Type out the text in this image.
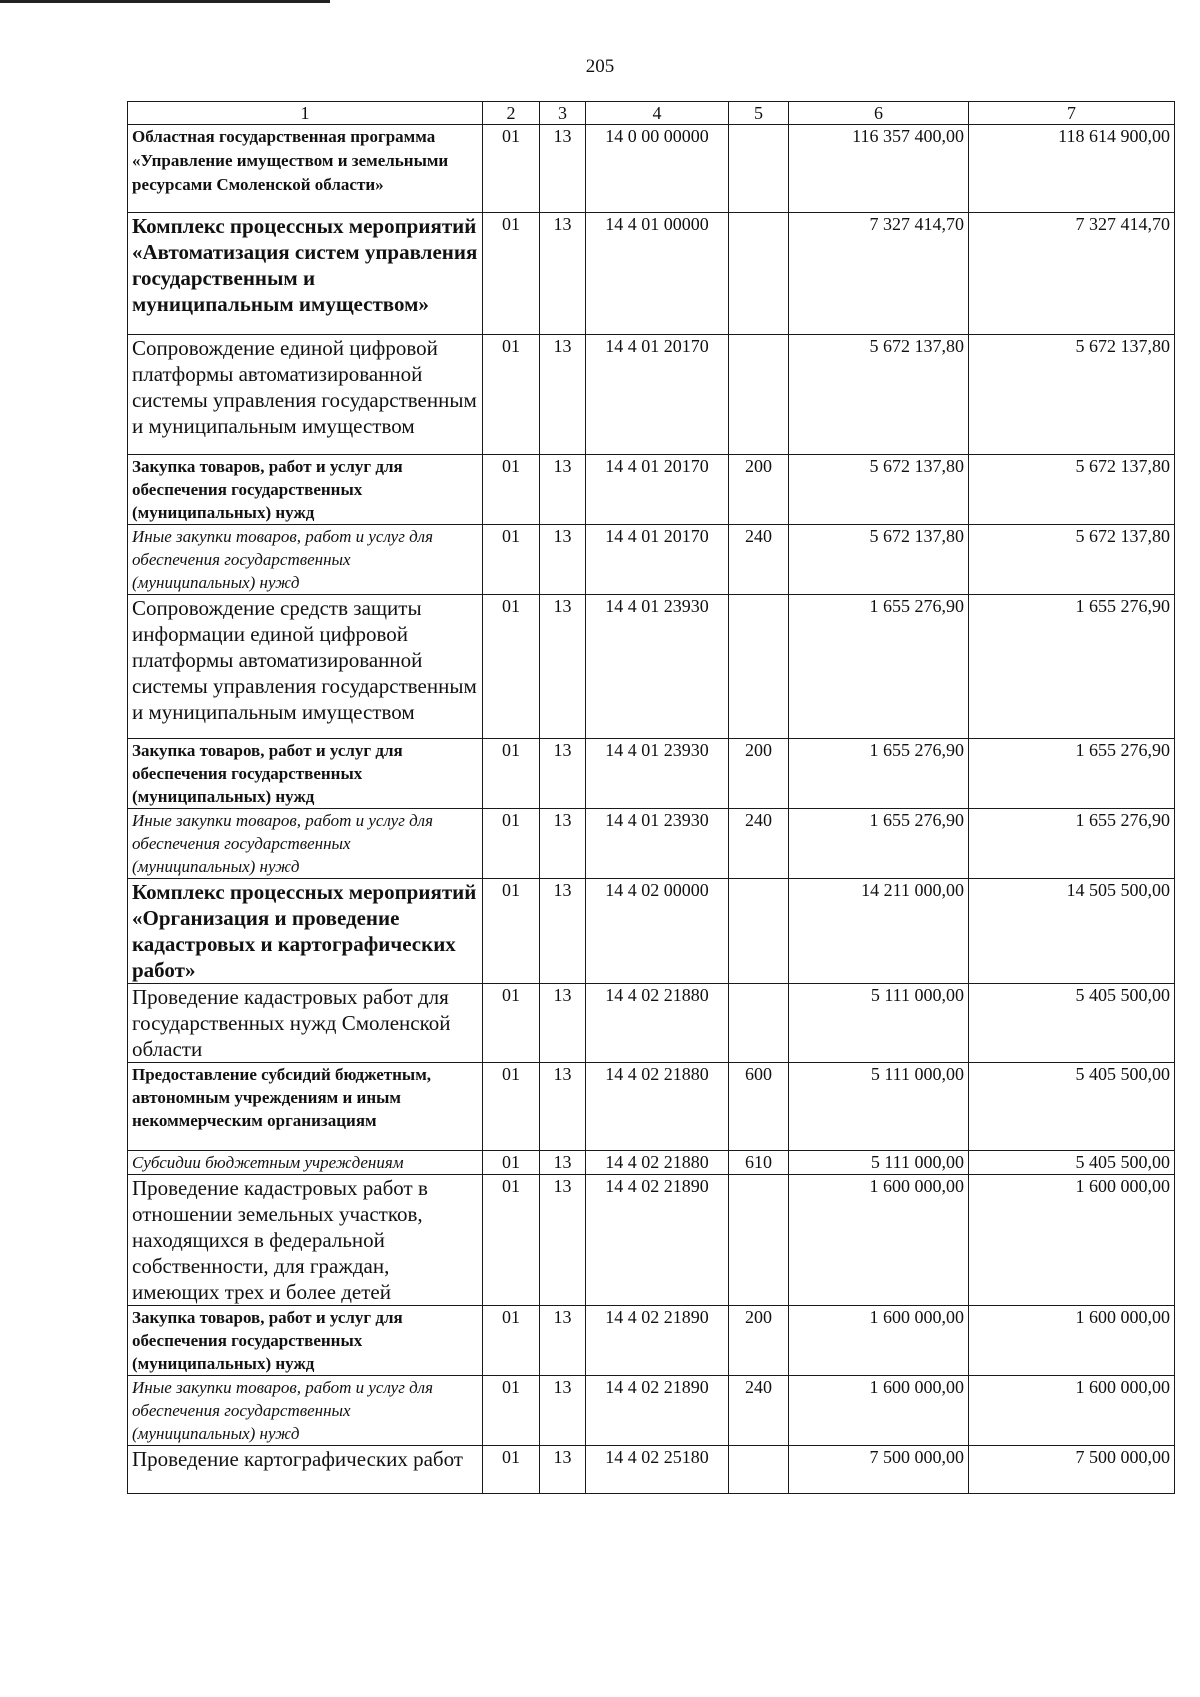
205
1	2	3	4	5	6	7
Областная государственная программа «Управление имуществом и земельными ресурсами Смоленской области»	01	13	14 0 00 00000		116 357 400,00	118 614 900,00
Комплекс процессных мероприятий «Автоматизация систем управления государственным и муниципальным имуществом»	01	13	14 4 01 00000		7 327 414,70	7 327 414,70
Сопровождение единой цифровой платформы автоматизированной системы управления государственным и муниципальным имуществом	01	13	14 4 01 20170		5 672 137,80	5 672 137,80
Закупка товаров, работ и услуг для обеспечения государственных (муниципальных) нужд	01	13	14 4 01 20170	200	5 672 137,80	5 672 137,80
Иные закупки товаров, работ и услуг для обеспечения государственных (муниципальных) нужд	01	13	14 4 01 20170	240	5 672 137,80	5 672 137,80
Сопровождение средств защиты информации единой цифровой платформы автоматизированной системы управления государственным и муниципальным имуществом	01	13	14 4 01 23930		1 655 276,90	1 655 276,90
Закупка товаров, работ и услуг для обеспечения государственных (муниципальных) нужд	01	13	14 4 01 23930	200	1 655 276,90	1 655 276,90
Иные закупки товаров, работ и услуг для обеспечения государственных (муниципальных) нужд	01	13	14 4 01 23930	240	1 655 276,90	1 655 276,90
Комплекс процессных мероприятий «Организация и проведение кадастровых и картографических работ»	01	13	14 4 02 00000		14 211 000,00	14 505 500,00
Проведение кадастровых работ для государственных нужд Смоленской области	01	13	14 4 02 21880		5 111 000,00	5 405 500,00
Предоставление субсидий бюджетным, автономным учреждениям и иным некоммерческим организациям	01	13	14 4 02 21880	600	5 111 000,00	5 405 500,00
Субсидии бюджетным учреждениям	01	13	14 4 02 21880	610	5 111 000,00	5 405 500,00
Проведение кадастровых работ в отношении земельных участков, находящихся в федеральной собственности, для граждан, имеющих трех и более детей	01	13	14 4 02 21890		1 600 000,00	1 600 000,00
Закупка товаров, работ и услуг для обеспечения государственных (муниципальных) нужд	01	13	14 4 02 21890	200	1 600 000,00	1 600 000,00
Иные закупки товаров, работ и услуг для обеспечения государственных (муниципальных) нужд	01	13	14 4 02 21890	240	1 600 000,00	1 600 000,00
Проведение картографических работ	01	13	14 4 02 25180		7 500 000,00	7 500 000,00
